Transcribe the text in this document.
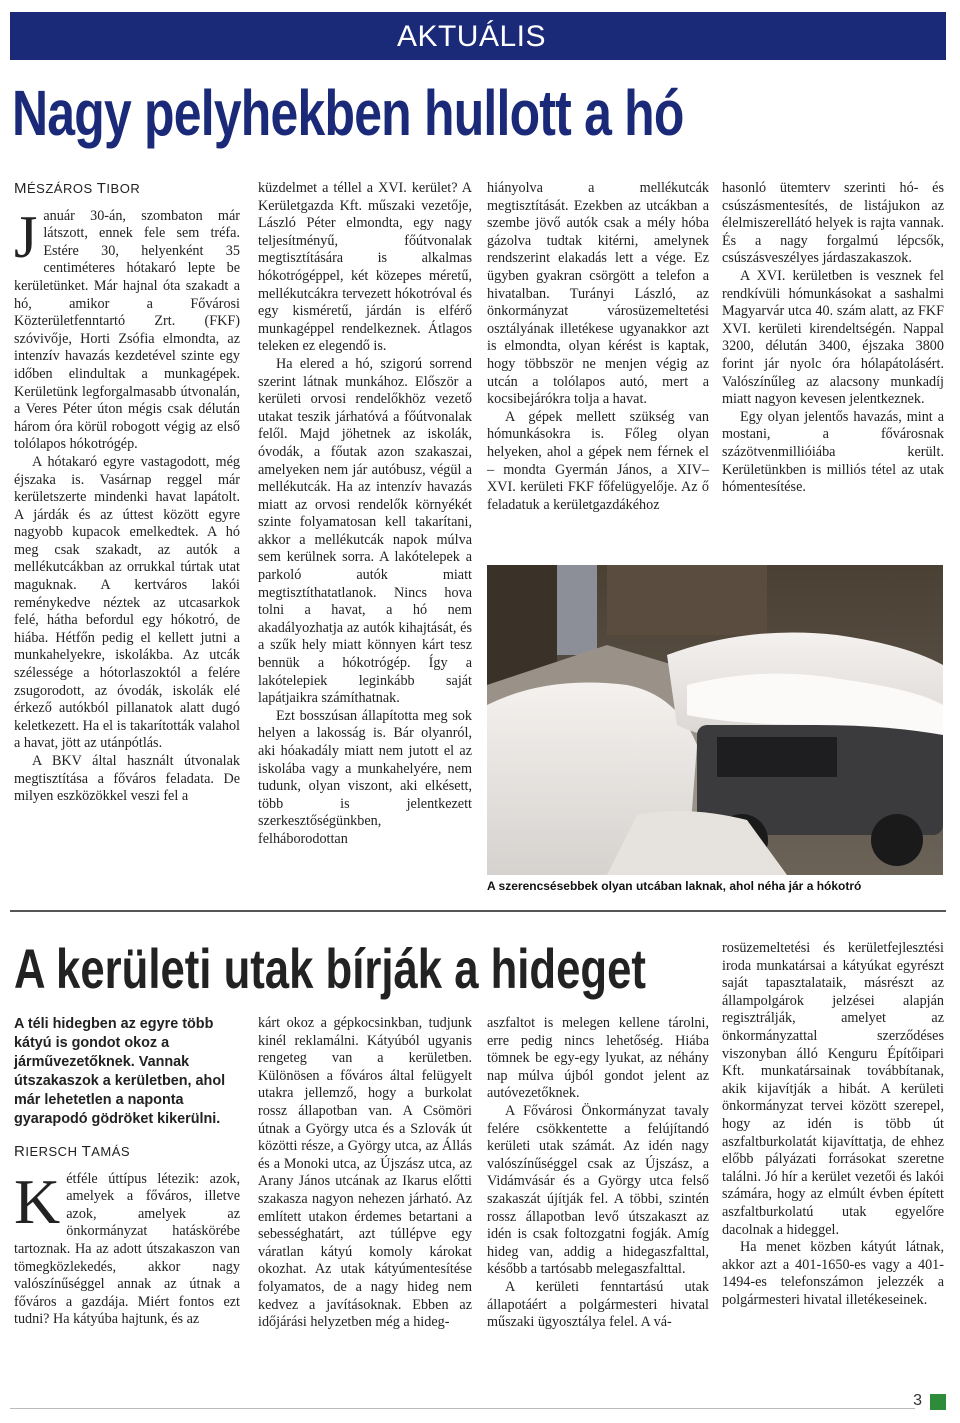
AKTUÁLIS
Nagy pelyhekben hullott a hó
MÉSZÁROS TIBOR

Január 30-án, szombaton már látszott, ennek fele sem tréfa. Estére 30, helyenként 35 centiméteres hótakaró lepte be kerületünket. Már hajnal óta szakadt a hó, amikor a Fővárosi Közterületfenntartó Zrt. (FKF) szóvivője, Horti Zsófia elmondta, az intenzív havazás kezdetével szinte egy időben elindultak a munkagépek. Kerületünk legforgalmasabb útvonalán, a Veres Péter úton mégis csak délután három óra körül robogott végig az első tolólapos hókotrógép.

A hótakaró egyre vastagodott, még éjszaka is. Vasárnap reggel már kerületszerte mindenki havat lapátolt. A járdák és az úttest között egyre nagyobb kupacok emelkedtek. A hó meg csak szakadt, az autók a mellékutcákban az orrukkal túrtak utat maguknak. A kertváros lakói reménykedve néztek az utcasarkok felé, hátha befordul egy hókotró, de hiába. Hétfőn pedig el kellett jutni a munkahelyekre, iskolákba. Az utcák szélessége a hótorlaszoktól a felére zsugorodott, az óvodák, iskolák elé érkező autókból pillanatok alatt dugó keletkezett. Ha el is takarították valahol a havat, jött az utánpótlás.

A BKV által használt útvonalak megtisztítása a főváros feladata. De milyen eszközökkel veszi fel a

küzdelmet a téllel a XVI. kerület? A Kerületgazda Kft. műszaki vezetője, László Péter elmondta, egy nagy teljesítményű, főútvonalak megtisztítására is alkalmas hókotrógéppel, két közepes méretű, mellékutcákra tervezett hókotróval és egy kisméretű, járdán is elférő munkagéppel rendelkeznek. Átlagos teleken ez elegendő is.

Ha elered a hó, szigorú sorrend szerint látnak munkához. Először a kerületi orvosi rendelőkhöz vezető utakat teszik járhatóvá a főútvonalak felől. Majd jöhetnek az iskolák, óvodák, a főutak azon szakaszai, amelyeken nem jár autóbusz, végül a mellékutcák. Ha az intenzív havazás miatt az orvosi rendelők környékét szinte folyamatosan kell takarítani, akkor a mellékutcák napok múlva sem kerülnek sorra. A lakótelepek a parkoló autók miatt megtisztíthatatlanok. Nincs hova tolni a havat, a hó nem akadályozhatja az autók kihajtását, és a szűk hely miatt könnyen kárt tesz bennük a hókotrógép. Így a lakótelepiek leginkább saját lapátjaikra számíthatnak.

Ezt bosszúsan állapította meg sok helyen a lakosság is. Bár olyanról, aki hóakadály miatt nem jutott el az iskolába vagy a munkahelyére, nem tudunk, olyan viszont, aki elkésett, több is jelentkezett szerkesztőségünkben, felháborodottan

hiányolva a mellékutcák megtisztítását. Ezekben az utcákban a szembe jövő autók csak a mély hóba gázolva tudtak kitérni, amelynek rendszerint elakadás lett a vége. Ez ügyben gyakran csörgött a telefon a hivatalban. Turányi László, az önkormányzat városüzemeltetési osztályának illetékese ugyanakkor azt is elmondta, olyan kérést is kaptak, hogy többször ne menjen végig az utcán a tolólapos autó, mert a kocsibejárókra tolja a havat.

A gépek mellett szükség van hómunkásokra is. Főleg olyan helyeken, ahol a gépek nem férnek el – mondta Gyermán János, a XIV–XVI. kerületi FKF főfelügyelője. Az ő feladatuk a kerületgazdákéhoz

hasonló ütemterv szerinti hó- és csúszásmentesítés, de listájukon az élelmiszerellátó helyek is rajta vannak. És a nagy forgalmú lépcsők, csúszásveszélyes járdaszakaszok.

A XVI. kerületben is vesznek fel rendkívüli hómunkásokat a sashalmi Magyarvár utca 40. szám alatt, az FKF XVI. kerületi kirendeltségén. Nappal 3200, délután 3400, éjszaka 3800 forint jár nyolc óra hólapátolásért. Valószínűleg az alacsony munkadíj miatt nagyon kevesen jelentkeznek.

Egy olyan jelentős havazás, mint a mostani, a fővárosnak százötvenmillióiába került. Kerületünkben is milliós tétel az utak hómentesítése.

A szerencsésebbek olyan utcában laknak, ahol néha jár a hókotró
A kerületi utak bírják a hideget
A téli hidegben az egyre több kátyú is gondot okoz a járművezetőknek. Vannak útszakaszok a kerületben, ahol már lehetetlen a naponta gyarapodó gödröket kikerülni.
RIERSCH TAMÁS

Kétféle úttípus létezik: azok, amelyek a főváros, illetve azok, amelyek az önkormányzat hatáskörébe tartoznak. Ha az adott útszakaszon van tömegközlekedés, akkor nagy valószínűséggel annak az útnak a főváros a gazdája. Miért fontos ezt tudni? Ha kátyúba hajtunk, és az

kárt okoz a gépkocsinkban, tudjunk kinél reklamálni. Kátyúból ugyanis rengeteg van a kerületben. Különösen a főváros által felügyelt utakra jellemző, hogy a burkolat rossz állapotban van. A Csömöri útnak a György utca és a Szlovák út közötti része, a György utca, az Állás és a Monoki utca, az Újszász utca, az Arany János utcának az Ikarus előtti szakasza nagyon nehezen járható. Az említett utakon érdemes betartani a sebességhatárt, azt túllépve egy váratlan kátyú komoly károkat okozhat. Az utak kátyúmentesítése folyamatos, de a nagy hideg nem kedvez a javításoknak. Ebben az időjárási helyzetben még a hideg-

aszfaltot is melegen kellene tárolni, erre pedig nincs lehetőség. Hiába tömnek be egy-egy lyukat, az néhány nap múlva újból gondot jelent az autóvezetőknek.

A Fővárosi Önkormányzat tavaly felére csökkentette a felújítandó kerületi utak számát. Az idén nagy valószínűséggel csak az Újszász, a Vidámvásár és a György utca felső szakaszát újítják fel. A többi, szintén rossz állapotban levő útszakaszt az idén is csak foltozgatni fogják. Amíg hideg van, addig a hidegaszfalttal, később a tartósabb melegaszfalttal.

A kerületi fenntartású utak állapotáért a polgármesteri hivatal műszaki ügyosztálya felel. A vá-

rosüzemeltetési és kerületfejlesztési iroda munkatársai a kátyúkat egyrészt saját tapasztalataik, másrészt az állampolgárok jelzései alapján regisztrálják, amelyet az önkormányzattal szerződéses viszonyban álló Kenguru Építőipari Kft. munkatársainak továbbítanak, akik kijavítják a hibát. A kerületi önkormányzat tervei között szerepel, hogy az idén is több út aszfaltburkolatát kijavíttatja, de ehhez előbb pályázati forrásokat szeretne találni. Jó hír a kerület vezetői és lakói számára, hogy az elmúlt évben épített aszfaltburkolatú utak egyelőre dacolnak a hideggel.

Ha menet közben kátyút látnak, akkor azt a 401-1650-es vagy a 401-1494-es telefonszámon jelezzék a polgármesteri hivatal illetékeseinek.

3
